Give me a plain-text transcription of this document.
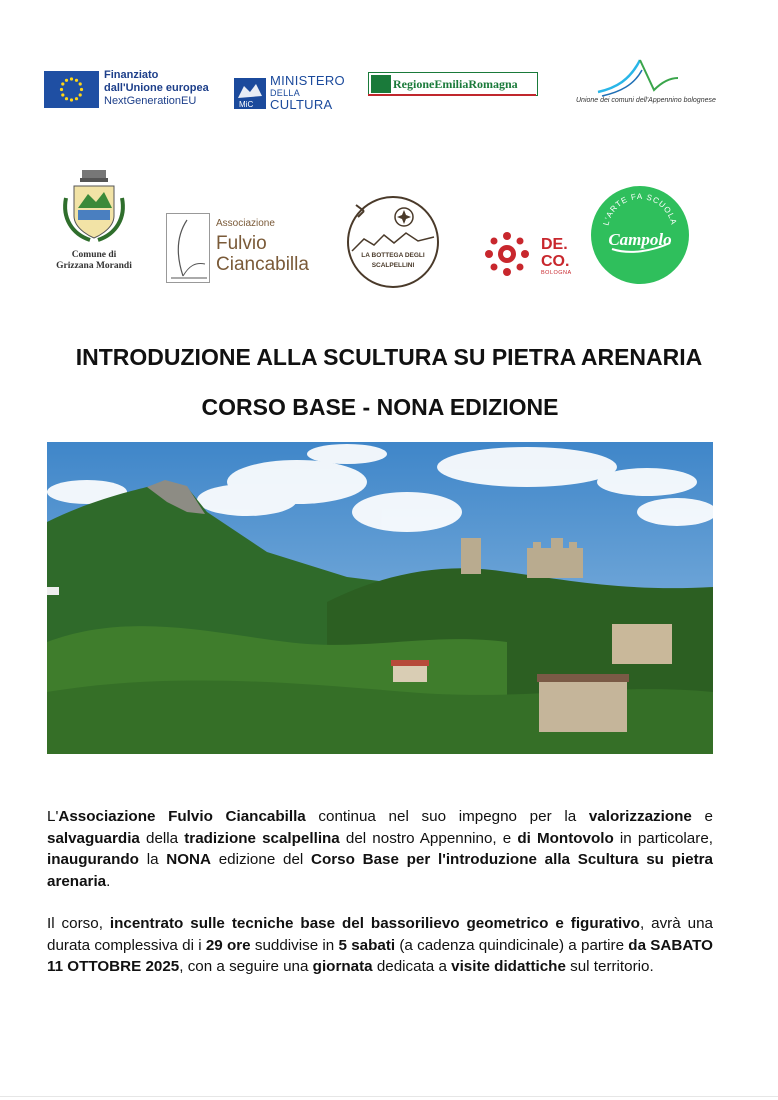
Finanziato
dall'Unione europea
NextGenerationEU	MiC
MINISTERO
DELLA
CULTURA
RegioneEmiliaRomagna
Unione dei comuni dell'Appennino bolognese
Comune di
Grizzana Morandi
Associazione
Fulvio
Ciancabilla	LA BOTTEGA DEGLI
SCALPELLINI
DE.
CO.
BOLOGNA
L'ARTE FA SCUOLA
Campolo
INTRODUZIONE ALLA SCULTURA SU PIETRA ARENARIA
CORSO BASE - NONA EDIZIONE
L'Associazione Fulvio Ciancabilla continua nel suo impegno per la valorizzazione e salvaguardia della tradizione scalpellina del nostro Appennino, e di Montovolo in particolare, inaugurando la NONA edizione del Corso Base per l'introduzione alla Scultura su pietra arenaria.
Il corso, incentrato sulle tecniche base del bassorilievo geometrico e figurativo, avrà una durata complessiva di i 29 ore suddivise in 5 sabati (a cadenza quindicinale) a partire da SABATO 11 OTTOBRE 2025, con a seguire una giornata dedicata a visite didattiche sul territorio.
